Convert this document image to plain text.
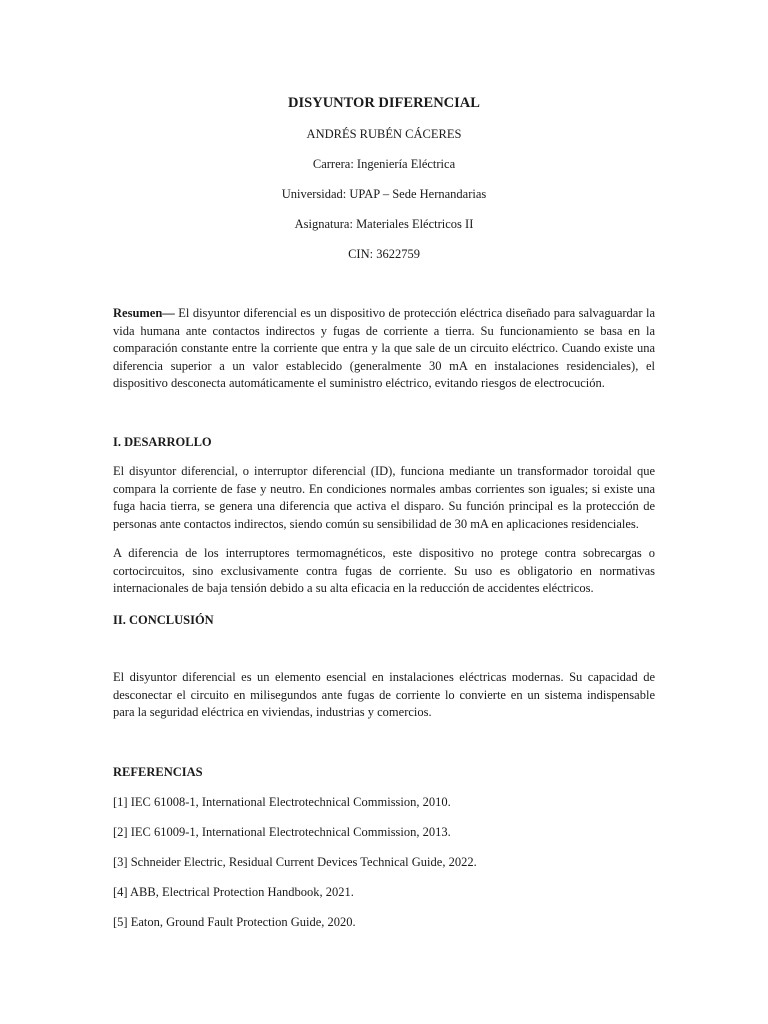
DISYUNTOR DIFERENCIAL
ANDRÉS RUBÉN CÁCERES
Carrera: Ingeniería Eléctrica
Universidad: UPAP – Sede Hernandarias
Asignatura: Materiales Eléctricos II
CIN: 3622759
Resumen— El disyuntor diferencial es un dispositivo de protección eléctrica diseñado para salvaguardar la vida humana ante contactos indirectos y fugas de corriente a tierra. Su funcionamiento se basa en la comparación constante entre la corriente que entra y la que sale de un circuito eléctrico. Cuando existe una diferencia superior a un valor establecido (generalmente 30 mA en instalaciones residenciales), el dispositivo desconecta automáticamente el suministro eléctrico, evitando riesgos de electrocución.
I. DESARROLLO
El disyuntor diferencial, o interruptor diferencial (ID), funciona mediante un transformador toroidal que compara la corriente de fase y neutro. En condiciones normales ambas corrientes son iguales; si existe una fuga hacia tierra, se genera una diferencia que activa el disparo. Su función principal es la protección de personas ante contactos indirectos, siendo común su sensibilidad de 30 mA en aplicaciones residenciales.
A diferencia de los interruptores termomagnéticos, este dispositivo no protege contra sobrecargas o cortocircuitos, sino exclusivamente contra fugas de corriente. Su uso es obligatorio en normativas internacionales de baja tensión debido a su alta eficacia en la reducción de accidentes eléctricos.
II. CONCLUSIÓN
El disyuntor diferencial es un elemento esencial en instalaciones eléctricas modernas. Su capacidad de desconectar el circuito en milisegundos ante fugas de corriente lo convierte en un sistema indispensable para la seguridad eléctrica en viviendas, industrias y comercios.
REFERENCIAS
[1] IEC 61008-1, International Electrotechnical Commission, 2010.
[2] IEC 61009-1, International Electrotechnical Commission, 2013.
[3] Schneider Electric, Residual Current Devices Technical Guide, 2022.
[4] ABB, Electrical Protection Handbook, 2021.
[5] Eaton, Ground Fault Protection Guide, 2020.
